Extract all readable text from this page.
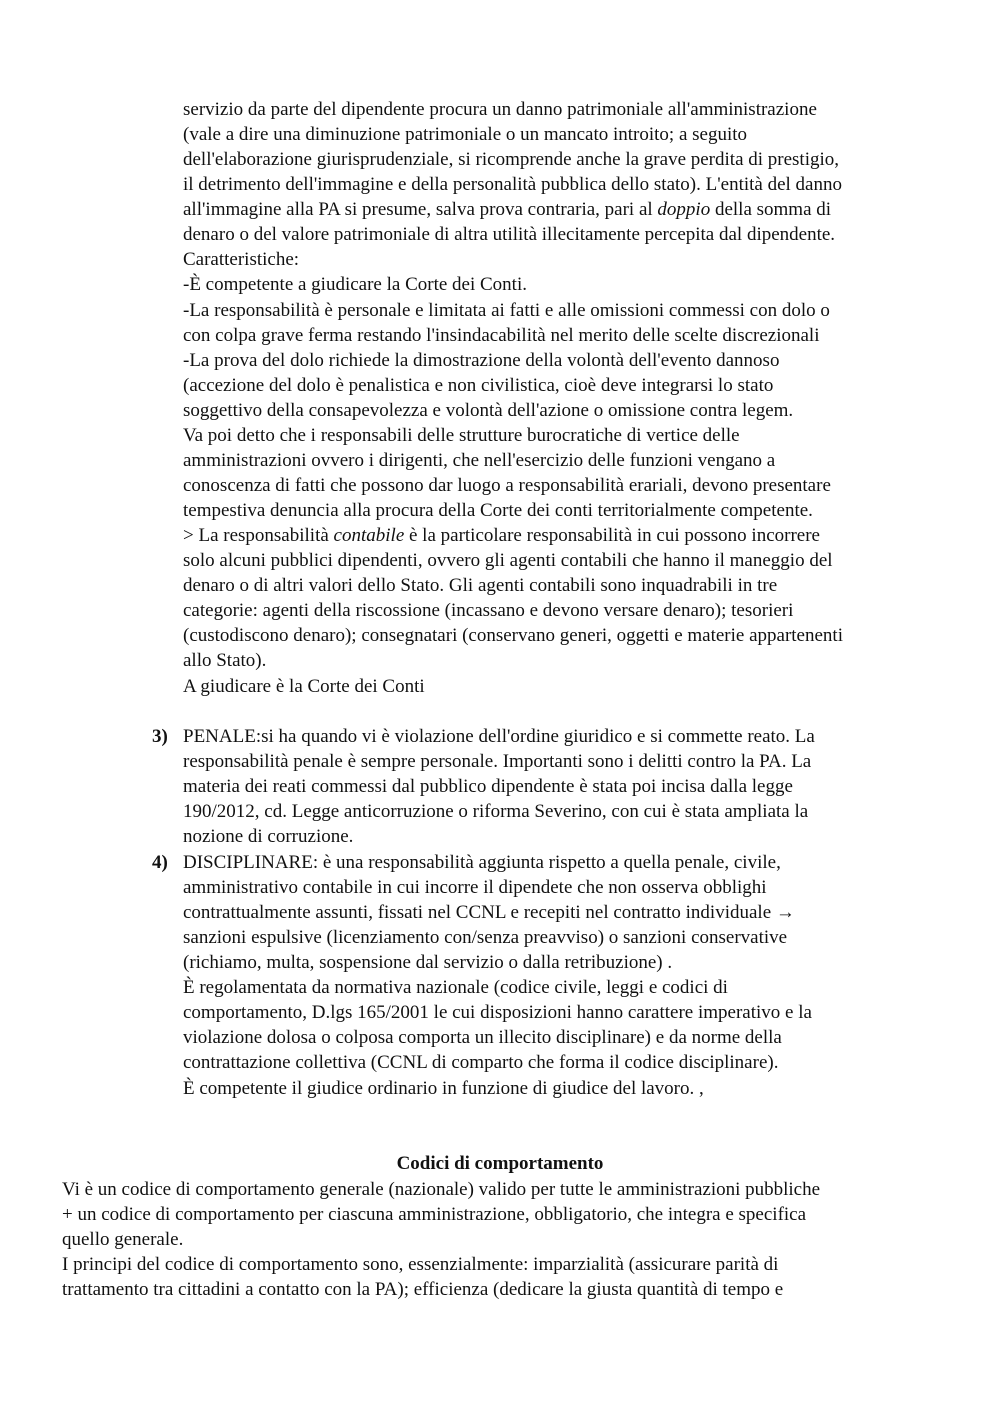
servizio da parte del dipendente procura un danno patrimoniale all'amministrazione
(vale a dire una diminuzione patrimoniale o un mancato introito; a seguito
dell'elaborazione giurisprudenziale, si ricomprende anche la grave perdita di prestigio,
il detrimento dell'immagine e della personalità pubblica dello stato). L'entità del danno
all'immagine alla PA si presume, salva prova contraria, pari al doppio della somma di
denaro o del valore patrimoniale di altra utilità illecitamente percepita dal dipendente.
Caratteristiche:
-È competente a giudicare la Corte dei Conti.
-La responsabilità è personale e limitata ai fatti e alle omissioni commessi con dolo o
con colpa grave ferma restando l'insindacabilità nel merito delle scelte discrezionali
-La prova del dolo richiede la dimostrazione della volontà dell'evento dannoso
(accezione del dolo è penalistica e non civilistica, cioè deve integrarsi lo stato
soggettivo della consapevolezza e volontà dell'azione o omissione contra legem.
Va poi detto che i responsabili delle strutture burocratiche di vertice delle
amministrazioni ovvero i dirigenti, che nell'esercizio delle funzioni vengano a
conoscenza di fatti che possono dar luogo a responsabilità erariali, devono presentare
tempestiva denuncia alla procura della Corte dei conti territorialmente competente.
> La responsabilità contabile è la particolare responsabilità in cui possono incorrere
solo alcuni pubblici dipendenti, ovvero gli agenti contabili che hanno il maneggio del
denaro o di altri valori dello Stato. Gli agenti contabili sono inquadrabili in tre
categorie: agenti della riscossione (incassano e devono versare denaro); tesorieri
(custodiscono denaro); consegnatari (conservano generi, oggetti e materie appartenenti
allo Stato).
A giudicare è la Corte dei Conti
3) PENALE:si ha quando vi è violazione dell'ordine giuridico e si commette reato. La
responsabilità penale è sempre personale. Importanti sono i delitti contro la PA. La
materia dei reati commessi dal pubblico dipendente è stata poi incisa dalla legge
190/2012, cd. Legge anticorruzione o riforma Severino, con cui è stata ampliata la
nozione di corruzione.
4) DISCIPLINARE: è una responsabilità aggiunta rispetto a quella penale, civile,
amministrativo contabile in cui incorre il dipendete che non osserva obblighi
contrattualmente assunti, fissati nel CCNL e recepiti nel contratto individuale →
sanzioni espulsive (licenziamento con/senza preavviso) o sanzioni conservative
(richiamo, multa, sospensione dal servizio o dalla retribuzione) .
È regolamentata da normativa nazionale (codice civile, leggi e codici di
comportamento, D.lgs 165/2001 le cui disposizioni hanno carattere imperativo e la
violazione dolosa o colposa comporta un illecito disciplinare) e da norme della
contrattazione collettiva (CCNL di comparto che forma il codice disciplinare).
È competente il giudice ordinario in funzione di giudice del lavoro. ,
Codici di comportamento
Vi è un codice di comportamento generale (nazionale) valido per tutte le amministrazioni pubbliche
+ un codice di comportamento per ciascuna amministrazione, obbligatorio, che integra e specifica
quello generale.
I principi del codice di comportamento sono, essenzialmente: imparzialità (assicurare parità di
trattamento tra cittadini a contatto con la PA); efficienza (dedicare la giusta quantità di tempo e
